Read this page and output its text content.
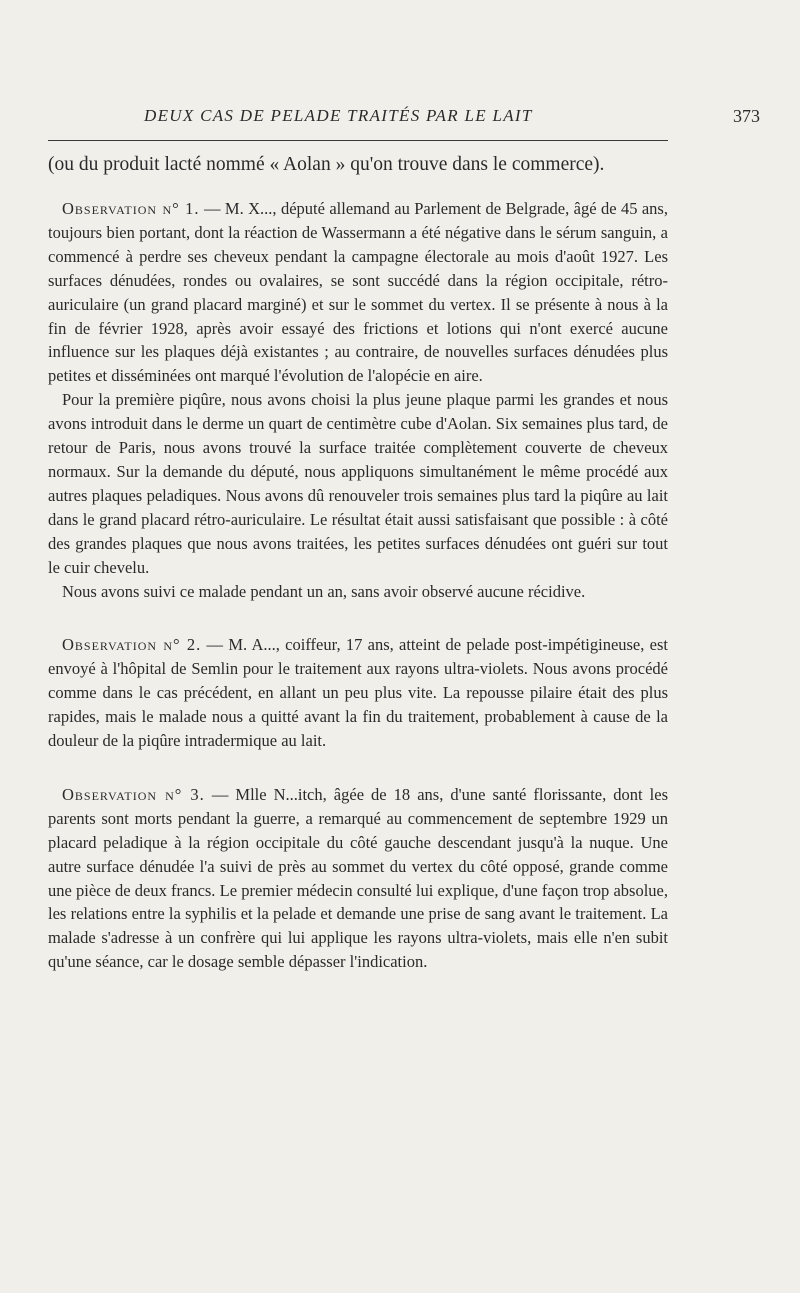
DEUX CAS DE PELADE TRAITÉS PAR LE LAIT	373

(ou du produit lacté nommé « Aolan » qu'on trouve dans le commerce).

Observation n° 1. — M. X..., député allemand au Parlement de Belgrade, âgé de 45 ans, toujours bien portant, dont la réaction de Wassermann a été négative dans le sérum sanguin, a commencé à perdre ses cheveux pendant la campagne électorale au mois d'août 1927. Les surfaces dénudées, rondes ou ovalaires, se sont succédé dans la région occipitale, rétro-auriculaire (un grand placard marginé) et sur le sommet du vertex. Il se présente à nous à la fin de février 1928, après avoir essayé des frictions et lotions qui n'ont exercé aucune influence sur les plaques déjà existantes ; au contraire, de nouvelles surfaces dénudées plus petites et disséminées ont marqué l'évolution de l'alopécie en aire.

Pour la première piqûre, nous avons choisi la plus jeune plaque parmi les grandes et nous avons introduit dans le derme un quart de centimètre cube d'Aolan. Six semaines plus tard, de retour de Paris, nous avons trouvé la surface traitée complètement couverte de cheveux normaux. Sur la demande du député, nous appliquons simultanément le même procédé aux autres plaques peladiques. Nous avons dû renouveler trois semaines plus tard la piqûre au lait dans le grand placard rétro-auriculaire. Le résultat était aussi satisfaisant que possible : à côté des grandes plaques que nous avons traitées, les petites surfaces dénudées ont guéri sur tout le cuir chevelu.

Nous avons suivi ce malade pendant un an, sans avoir observé aucune récidive.

Observation n° 2. — M. A..., coiffeur, 17 ans, atteint de pelade post-impétigineuse, est envoyé à l'hôpital de Semlin pour le traitement aux rayons ultra-violets. Nous avons procédé comme dans le cas précédent, en allant un peu plus vite. La repousse pilaire était des plus rapides, mais le malade nous a quitté avant la fin du traitement, probablement à cause de la douleur de la piqûre intradermique au lait.

Observation n° 3. — Mlle N...itch, âgée de 18 ans, d'une santé florissante, dont les parents sont morts pendant la guerre, a remarqué au commencement de septembre 1929 un placard peladique à la région occipitale du côté gauche descendant jusqu'à la nuque. Une autre surface dénudée l'a suivi de près au sommet du vertex du côté opposé, grande comme une pièce de deux francs. Le premier médecin consulté lui explique, d'une façon trop absolue, les relations entre la syphilis et la pelade et demande une prise de sang avant le traitement. La malade s'adresse à un confrère qui lui applique les rayons ultra-violets, mais elle n'en subit qu'une séance, car le dosage semble dépasser l'indication.
